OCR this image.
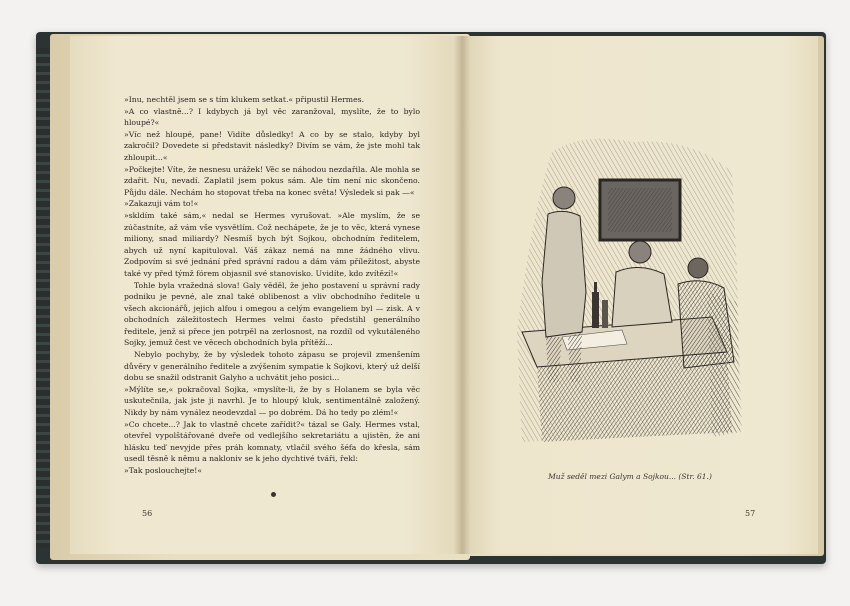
»Inu, nechtěl jsem se s tím klukem setkat.« připustil Hermes.
»A co vlastně...? I kdybych já byl věc zaranžoval, myslíte, že to bylo hloupé?«

»Víc než hloupé, pane! Vidíte důsledky! A co by se stalo, kdyby byl zakročil? Dovedete si představit následky? Divím se vám, že jste mohl tak zhloupit...«

»Počkejte! Víte, že nesnesu urážek! Věc se náhodou nezdařila. Ale mohla se zdařit. Nu, nevadí. Zaplatil jsem pokus sám. Ale tím není nic skončeno. Půjdu dále. Nechám ho stopovat třeba na konec světa! Výsledek si pak —«

»Zakazuji vám to!«

»skldím také sám,« nedal se Hermes vyrušovat. »Ale myslím, že se zúčastníte, až vám vše vysvětlím. Což nechápete, že je to věc, která vynese miliony, snad miliardy? Nesmíš bych být Sojkou, obchodním ředitelem, abych už nyní kapituloval. Váš zákaz nemá na mne žádného vlivu. Zodpovím si své jednání před správní radou a dám vám příležitost, abyste také vy před týmž fórem objasnil své stanovisko. Uvidíte, kdo zvítězí!«

Tohle byla vražedná slova! Galy věděl, že jeho postavení u správní rady podniku je pevné, ale znal také oblibenost a vliv obchodního ředitele u všech akcionářů, jejich alfou i omegou a celým evangeliem byl — zisk. A v obchodních záležitostech Hermes velmi často předstihl generálního ředitele, jenž si přece jen potrpěl na zerlosnost, na rozdíl od vykutáleného Sojky, jemuž čest ve věcech obchodních byla přítěží...

Nebylo pochyby, že by výsledek tohoto zápasu se projevil zmenšením důvěry v generálního ředitele a zvýšením sympatie k Sojkovi, který už delší dobu se snažil odstranit Galyho a uchvátit jeho posici...

»Mýlíte se,« pokračoval Sojka, »myslíte-li, že by s Holanem se byla věc uskutečnila, jak jste ji navrhl. Je to hloupý kluk, sentimentálně založený. Nikdy by nám vynález neodevzdal — po dobrém. Dá ho tedy po zlém!«

»Co chcete...? Jak to vlastně chcete zařídit?« tázal se Galy. Hermes vstal, otevřel vypolštářované dveře od vedlejšího sekretariátu a ujistěn, že ani hlásku teď nevyjde přes práh komnaty, vtlačil svého šéfa do křesla, sám usedl těsně k němu a nakloniv se k jeho dychtivé tváři, řekl:

»Tak poslouchejte!«

56	57
Muž seděl mezi Galym a Sojkou... (Str. 61.)
